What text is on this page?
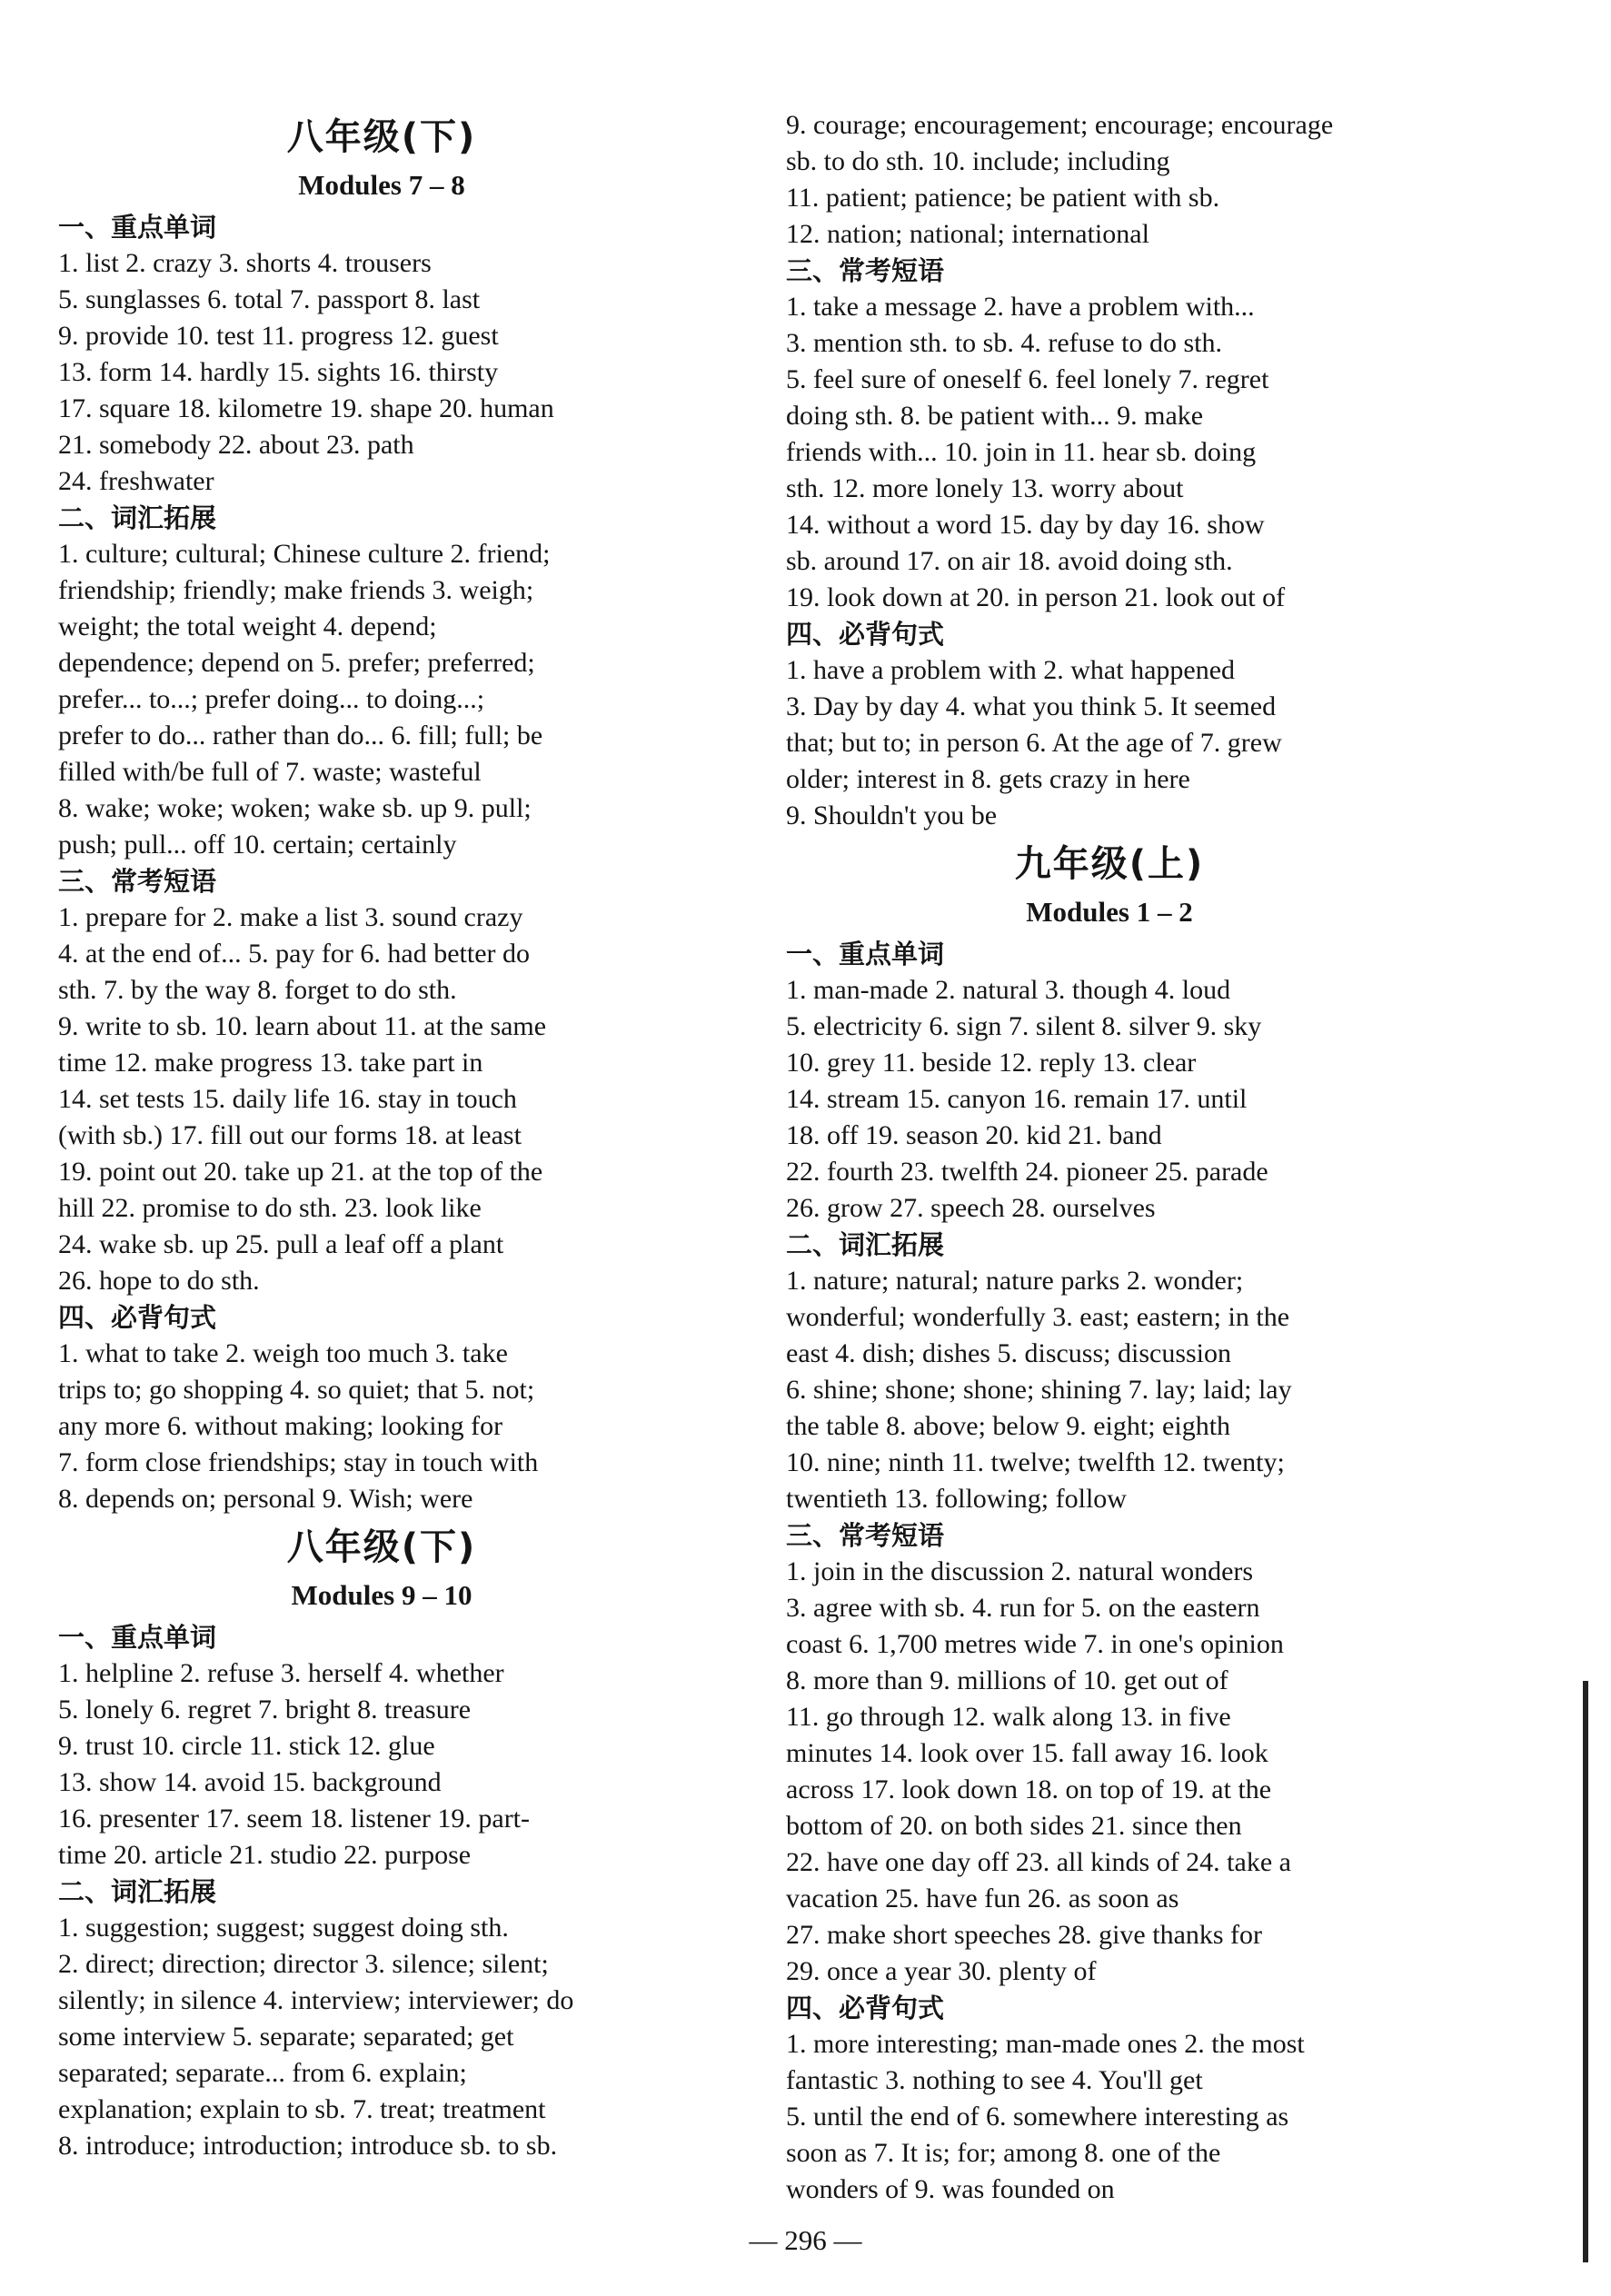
八年级(下)
Modules 7 – 8
一、重点单词
1. list 2. crazy 3. shorts 4. trousers
5. sunglasses 6. total 7. passport 8. last
9. provide 10. test 11. progress 12. guest
13. form 14. hardly 15. sights 16. thirsty
17. square 18. kilometre 19. shape 20. human
21. somebody 22. about 23. path
24. freshwater
二、词汇拓展
1. culture; cultural; Chinese culture 2. friend;
friendship; friendly; make friends 3. weigh;
weight; the total weight 4. depend;
dependence; depend on 5. prefer; preferred;
prefer... to...; prefer doing... to doing...;
prefer to do... rather than do... 6. fill; full; be
filled with/be full of 7. waste; wasteful
8. wake; woke; woken; wake sb. up 9. pull;
push; pull... off 10. certain; certainly
三、常考短语
1. prepare for 2. make a list 3. sound crazy
4. at the end of... 5. pay for 6. had better do
sth. 7. by the way 8. forget to do sth.
9. write to sb. 10. learn about 11. at the same
time 12. make progress 13. take part in
14. set tests 15. daily life 16. stay in touch
(with sb.) 17. fill out our forms 18. at least
19. point out 20. take up 21. at the top of the
hill 22. promise to do sth. 23. look like
24. wake sb. up 25. pull a leaf off a plant
26. hope to do sth.
四、必背句式
1. what to take 2. weigh too much 3. take
trips to; go shopping 4. so quiet; that 5. not;
any more 6. without making; looking for
7. form close friendships; stay in touch with
8. depends on; personal 9. Wish; were
八年级(下)
Modules 9 – 10
一、重点单词
1. helpline 2. refuse 3. herself 4. whether
5. lonely 6. regret 7. bright 8. treasure
9. trust 10. circle 11. stick 12. glue
13. show 14. avoid 15. background
16. presenter 17. seem 18. listener 19. part-
time 20. article 21. studio 22. purpose
二、词汇拓展
1. suggestion; suggest; suggest doing sth.
2. direct; direction; director 3. silence; silent;
silently; in silence 4. interview; interviewer; do
some interview 5. separate; separated; get
separated; separate... from 6. explain;
explanation; explain to sb. 7. treat; treatment
8. introduce; introduction; introduce sb. to sb.
9. courage; encouragement; encourage; encourage
sb. to do sth. 10. include; including
11. patient; patience; be patient with sb.
12. nation; national; international
三、常考短语
1. take a message 2. have a problem with...
3. mention sth. to sb. 4. refuse to do sth.
5. feel sure of oneself 6. feel lonely 7. regret
doing sth. 8. be patient with... 9. make
friends with... 10. join in 11. hear sb. doing
sth. 12. more lonely 13. worry about
14. without a word 15. day by day 16. show
sb. around 17. on air 18. avoid doing sth.
19. look down at 20. in person 21. look out of
四、必背句式
1. have a problem with 2. what happened
3. Day by day 4. what you think 5. It seemed
that; but to; in person 6. At the age of 7. grew
older; interest in 8. gets crazy in here
9. Shouldn't you be
九年级(上)
Modules 1 – 2
一、重点单词
1. man-made 2. natural 3. though 4. loud
5. electricity 6. sign 7. silent 8. silver 9. sky
10. grey 11. beside 12. reply 13. clear
14. stream 15. canyon 16. remain 17. until
18. off 19. season 20. kid 21. band
22. fourth 23. twelfth 24. pioneer 25. parade
26. grow 27. speech 28. ourselves
二、词汇拓展
1. nature; natural; nature parks 2. wonder;
wonderful; wonderfully 3. east; eastern; in the
east 4. dish; dishes 5. discuss; discussion
6. shine; shone; shone; shining 7. lay; laid; lay
the table 8. above; below 9. eight; eighth
10. nine; ninth 11. twelve; twelfth 12. twenty;
twentieth 13. following; follow
三、常考短语
1. join in the discussion 2. natural wonders
3. agree with sb. 4. run for 5. on the eastern
coast 6. 1,700 metres wide 7. in one's opinion
8. more than 9. millions of 10. get out of
11. go through 12. walk along 13. in five
minutes 14. look over 15. fall away 16. look
across 17. look down 18. on top of 19. at the
bottom of 20. on both sides 21. since then
22. have one day off 23. all kinds of 24. take a
vacation 25. have fun 26. as soon as
27. make short speeches 28. give thanks for
29. once a year 30. plenty of
四、必背句式
1. more interesting; man-made ones 2. the most
fantastic 3. nothing to see 4. You'll get
5. until the end of 6. somewhere interesting as
soon as 7. It is; for; among 8. one of the
wonders of 9. was founded on
— 296 —
